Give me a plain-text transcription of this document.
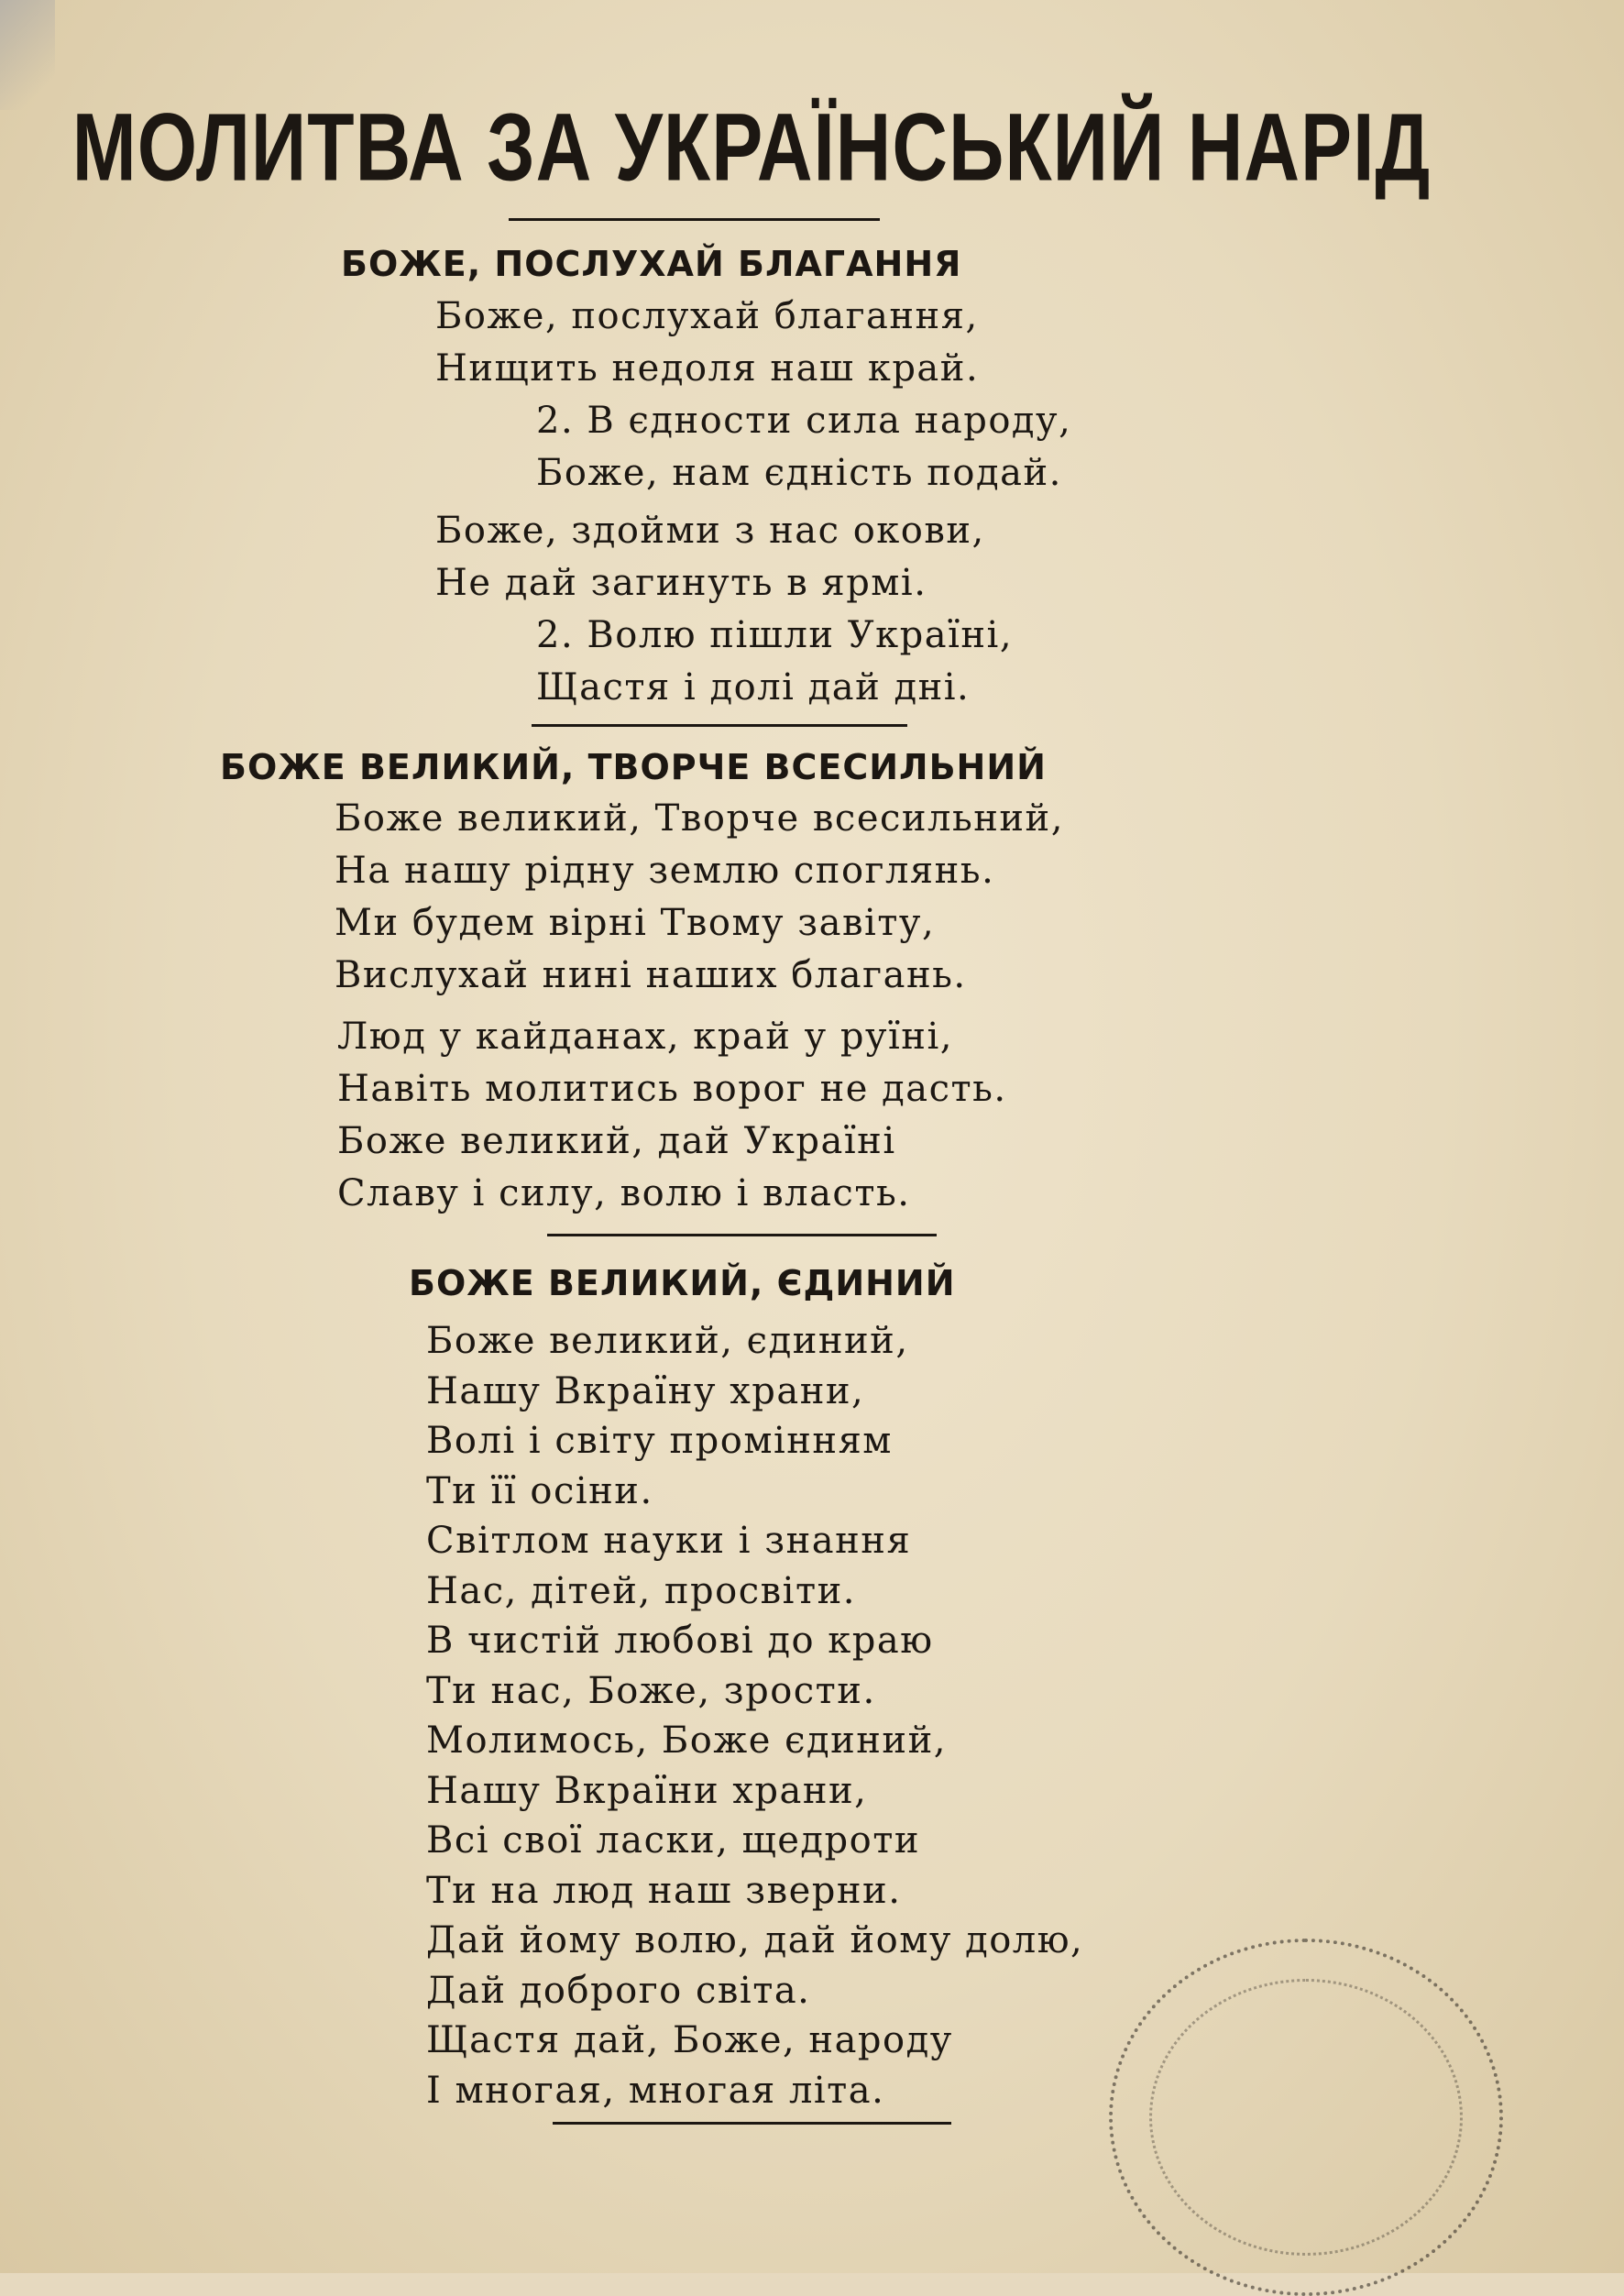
МОЛИТВА ЗА УКРАЇНСЬКИЙ НАРІД
БОЖЕ, ПОСЛУХАЙ БЛАГАННЯ
Боже, послухай благання,
Нищить недоля наш край.
2. В єдности сила народу,
Боже, нам єдність подай.
Боже, здойми з нас окови,
Не дай загинуть в ярмі.
2. Волю пішли Україні,
Щастя і долі дай дні.
БОЖЕ ВЕЛИКИЙ, ТВОРЧЕ ВСЕСИЛЬНИЙ
Боже великий, Творче всесильний,
На нашу рідну землю споглянь.
Ми будем вірні Твому завіту,
Вислухай нині наших благань.
Люд у кайданах, край у руїні,
Навіть молитись ворог не дасть.
Боже великий, дай Україні
Славу і силу, волю і власть.
БОЖЕ ВЕЛИКИЙ, ЄДИНИЙ
Боже великий, єдиний,
Нашу Вкраїну храни,
Волі і світу промінням
Ти її осіни.
Світлом науки і знання
Нас, дітей, просвіти.
В чистій любові до краю
Ти нас, Боже, зрости.
Молимось, Боже єдиний,
Нашу Вкраїни храни,
Всі свої ласки, щедроти
Ти на люд наш зверни.
Дай йому волю, дай йому долю,
Дай доброго світа.
Щастя дай, Боже, народу
І многая, многая літа.
